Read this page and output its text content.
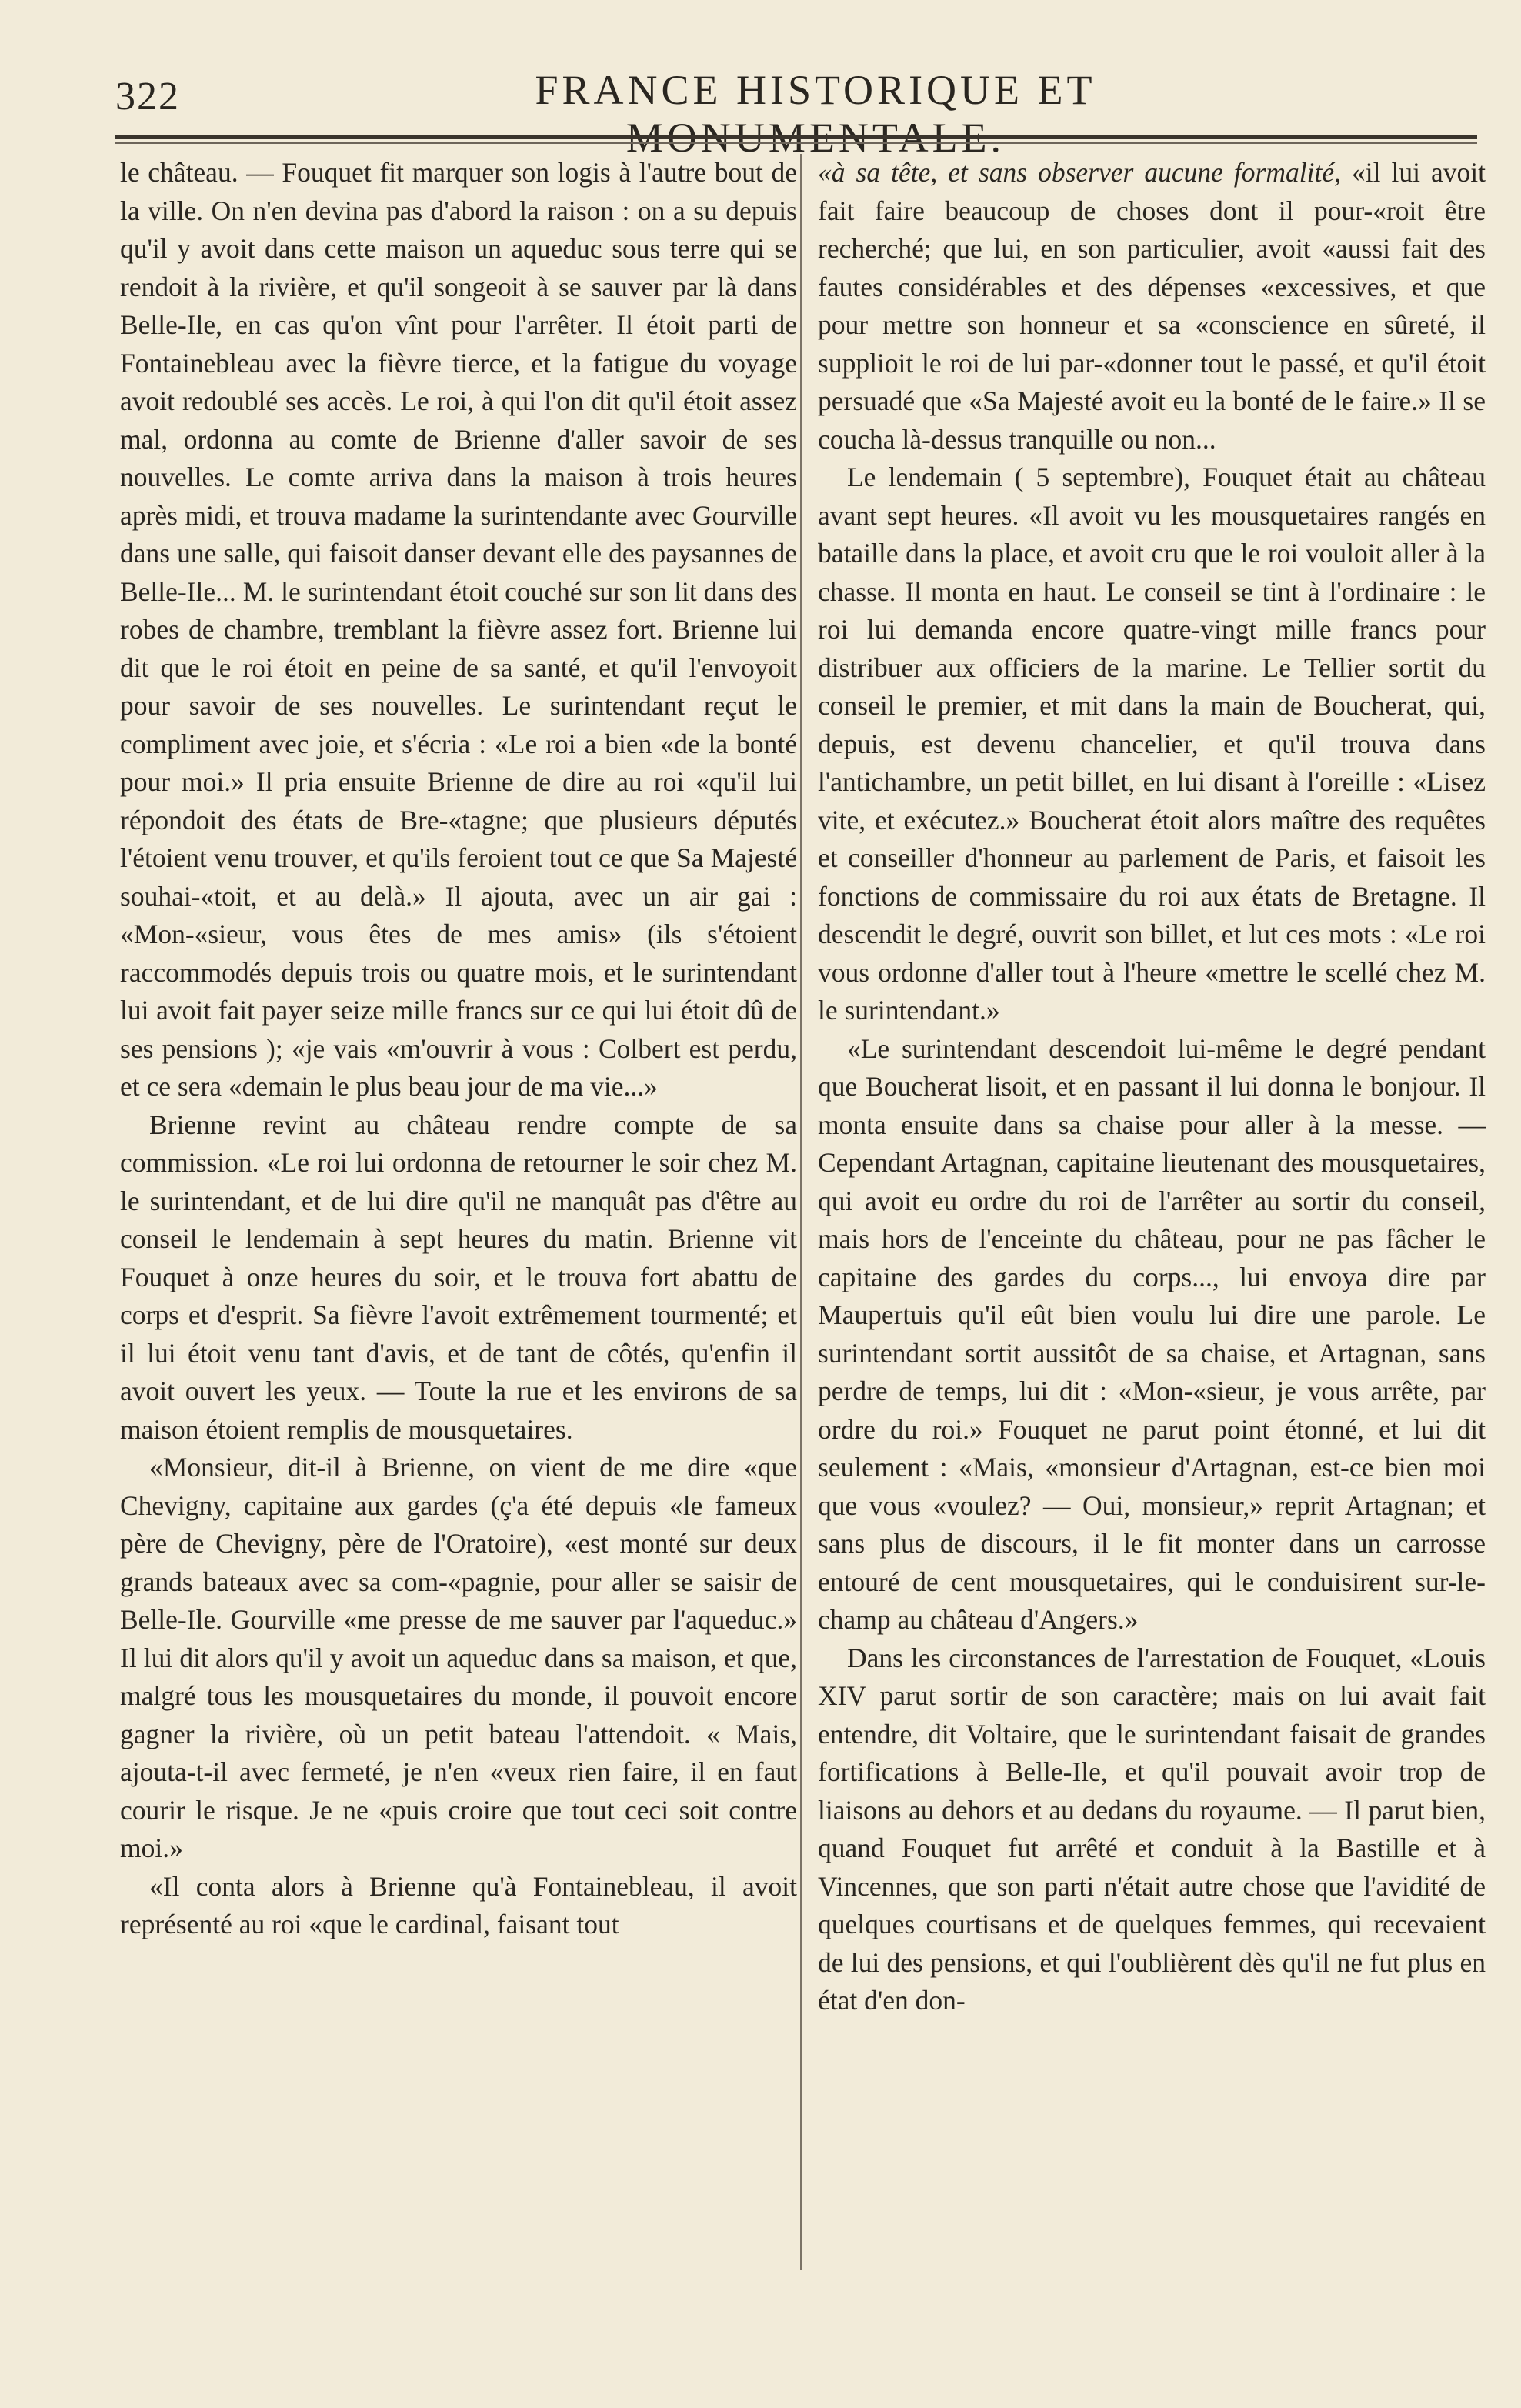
322	FRANCE HISTORIQUE ET

le château. — Fouquet fit marquer son logis à l'autre bout de la ville. On n'en devina pas d'abord la raison : on a su depuis qu'il y avoit dans cette maison un aqueduc sous terre qui se rendoit à la rivière, et qu'il songeoit à se sauver par là dans Belle-Ile, en cas qu'on vînt pour l'arrêter. Il étoit parti de Fontainebleau avec la fièvre tierce, et la fatigue du voyage avoit redoublé ses accès. Le roi, à qui l'on dit qu'il étoit assez mal, ordonna au comte de Brienne d'aller savoir de ses nouvelles. Le comte arriva dans la maison à trois heures après midi, et trouva madame la surintendante avec Gourville dans une salle, qui faisoit danser devant elle des paysannes de Belle-Ile... M. le surintendant étoit couché sur son lit dans des robes de chambre, tremblant la fièvre assez fort. Brienne lui dit que le roi étoit en peine de sa santé, et qu'il l'envoyoit pour savoir de ses nouvelles. Le surintendant reçut le compliment avec joie, et s'écria : «Le roi a bien «de la bonté pour moi.» Il pria ensuite Brienne de dire au roi «qu'il lui répondoit des états de Bre-«tagne; que plusieurs députés l'étoient venu trouver, et qu'ils feroient tout ce que Sa Majesté souhai-«toit, et au delà.» Il ajouta, avec un air gai : «Mon-«sieur, vous êtes de mes amis» (ils s'étoient raccommodés depuis trois ou quatre mois, et le surintendant lui avoit fait payer seize mille francs sur ce qui lui étoit dû de ses pensions ); «je vais «m'ouvrir à vous : Colbert est perdu, et ce sera «demain le plus beau jour de ma vie...»

Brienne revint au château rendre compte de sa commission. «Le roi lui ordonna de retourner le soir chez M. le surintendant, et de lui dire qu'il ne manquât pas d'être au conseil le lendemain à sept heures du matin. Brienne vit Fouquet à onze heures du soir, et le trouva fort abattu de corps et d'esprit. Sa fièvre l'avoit extrêmement tourmenté; et il lui étoit venu tant d'avis, et de tant de côtés, qu'enfin il avoit ouvert les yeux. — Toute la rue et les environs de sa maison étoient remplis de mousquetaires.

«Monsieur, dit-il à Brienne, on vient de me dire «que Chevigny, capitaine aux gardes (ç'a été depuis «le fameux père de Chevigny, père de l'Oratoire), «est monté sur deux grands bateaux avec sa com-«pagnie, pour aller se saisir de Belle-Ile. Gourville «me presse de me sauver par l'aqueduc.» Il lui dit alors qu'il y avoit un aqueduc dans sa maison, et que, malgré tous les mousquetaires du monde, il pouvoit encore gagner la rivière, où un petit bateau l'attendoit. « Mais, ajouta-t-il avec fermeté, je n'en «veux rien faire, il en faut courir le risque. Je ne «puis croire que tout ceci soit contre moi.»

«Il conta alors à Brienne qu'à Fontainebleau, il avoit représenté au roi «que le cardinal, faisant tout

«à sa tête, et sans observer aucune formalité, «il lui avoit fait faire beaucoup de choses dont il pour-«roit être recherché; que lui, en son particulier, avoit «aussi fait des fautes considérables et des dépenses «excessives, et que pour mettre son honneur et sa «conscience en sûreté, il supplioit le roi de lui par-«donner tout le passé, et qu'il étoit persuadé que «Sa Majesté avoit eu la bonté de le faire.» Il se coucha là-dessus tranquille ou non...

Le lendemain ( 5 septembre), Fouquet était au château avant sept heures. «Il avoit vu les mousquetaires rangés en bataille dans la place, et avoit cru que le roi vouloit aller à la chasse. Il monta en haut. Le conseil se tint à l'ordinaire : le roi lui demanda encore quatre-vingt mille francs pour distribuer aux officiers de la marine. Le Tellier sortit du conseil le premier, et mit dans la main de Boucherat, qui, depuis, est devenu chancelier, et qu'il trouva dans l'antichambre, un petit billet, en lui disant à l'oreille : «Lisez vite, et exécutez.» Boucherat étoit alors maître des requêtes et conseiller d'honneur au parlement de Paris, et faisoit les fonctions de commissaire du roi aux états de Bretagne. Il descendit le degré, ouvrit son billet, et lut ces mots : «Le roi vous ordonne d'aller tout à l'heure «mettre le scellé chez M. le surintendant.»

«Le surintendant descendoit lui-même le degré pendant que Boucherat lisoit, et en passant il lui donna le bonjour. Il monta ensuite dans sa chaise pour aller à la messe. — Cependant Artagnan, capitaine lieutenant des mousquetaires, qui avoit eu ordre du roi de l'arrêter au sortir du conseil, mais hors de l'enceinte du château, pour ne pas fâcher le capitaine des gardes du corps..., lui envoya dire par Maupertuis qu'il eût bien voulu lui dire une parole. Le surintendant sortit aussitôt de sa chaise, et Artagnan, sans perdre de temps, lui dit : «Mon-«sieur, je vous arrête, par ordre du roi.» Fouquet ne parut point étonné, et lui dit seulement : «Mais, «monsieur d'Artagnan, est-ce bien moi que vous «voulez? — Oui, monsieur,» reprit Artagnan; et sans plus de discours, il le fit monter dans un carrosse entouré de cent mousquetaires, qui le conduisirent sur-le-champ au château d'Angers.»

Dans les circonstances de l'arrestation de Fouquet, «Louis XIV parut sortir de son caractère; mais on lui avait fait entendre, dit Voltaire, que le surintendant faisait de grandes fortifications à Belle-Ile, et qu'il pouvait avoir trop de liaisons au dehors et au dedans du royaume. — Il parut bien, quand Fouquet fut arrêté et conduit à la Bastille et à Vincennes, que son parti n'était autre chose que l'avidité de quelques courtisans et de quelques femmes, qui recevaient de lui des pensions, et qui l'oublièrent dès qu'il ne fut plus en état d'en don-
